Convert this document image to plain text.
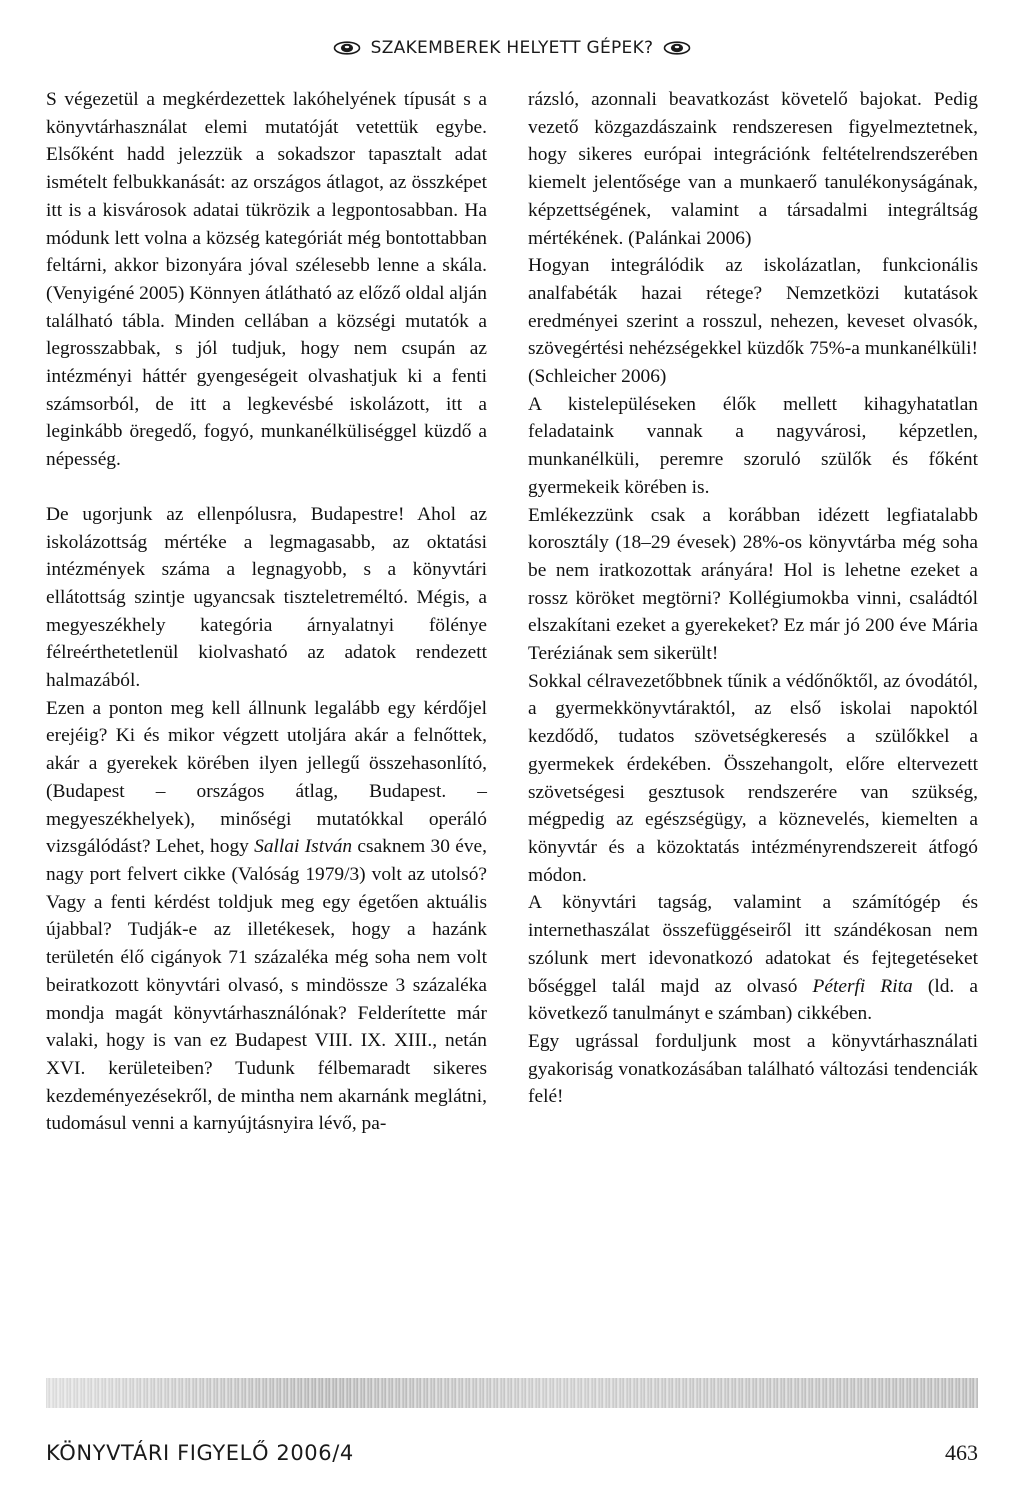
SZAKEMBEREK HELYETT GÉPEK?

S végezetül a megkérdezettek lakóhelyének típusát s a könyvtárhasználat elemi mutatóját vetettük egybe. Elsőként hadd jelezzük a sokadszor tapasztalt adat ismételt felbukkanását: az országos átlagot, az összképet itt is a kisvárosok adatai tükrözik a legpontosabban. Ha módunk lett volna a község kategóriát még bontottabban feltárni, akkor bizonyára jóval szélesebb lenne a skála. (Venyigéné 2005) Könnyen átlátható az előző oldal alján található tábla. Minden cellában a községi mutatók a legrosszabbak, s jól tudjuk, hogy nem csupán az intézményi háttér gyengeségeit olvashatjuk ki a fenti számsorból, de itt a legkevésbé iskolázott, itt a leginkább öregedő, fogyó, munkanélküliséggel küzdő a népesség.

De ugorjunk az ellenpólusra, Budapestre! Ahol az iskolázottság mértéke a legmagasabb, az oktatási intézmények száma a legnagyobb, s a könyvtári ellátottság szintje ugyancsak tiszteletreméltó. Mégis, a megyeszékhely kategória árnyalatnyi fölénye félreérthetetlenül kiolvasható az adatok rendezett halmazából.

Ezen a ponton meg kell állnunk legalább egy kérdőjel erejéig? Ki és mikor végzett utoljára akár a felnőttek, akár a gyerekek körében ilyen jellegű összehasonlító, (Budapest – országos átlag, Budapest. – megyeszékhelyek), minőségi mutatókkal operáló vizsgálódást? Lehet, hogy Sallai István csaknem 30 éve, nagy port felvert cikke (Valóság 1979/3) volt az utolsó? Vagy a fenti kérdést toldjuk meg egy égetően aktuális újabbal? Tudják-e az illetékesek, hogy a hazánk területén élő cigányok 71 százaléka még soha nem volt beiratkozott könyvtári olvasó, s mindössze 3 százaléka mondja magát könyvtárhasználónak? Felderítette már valaki, hogy is van ez Budapest VIII. IX. XIII., netán XVI. kerületeiben? Tudunk félbemaradt sikeres kezdeményezésekről, de mintha nem akarnánk meglátni, tudomásul venni a karnyújtásnyira lévő, pa-

rázsló, azonnali beavatkozást követelő bajokat. Pedig vezető közgazdászaink rendszeresen figyelmeztetnek, hogy sikeres európai integrációnk feltételrendszerében kiemelt jelentősége van a munkaerő tanulékonyságának, képzettségének, valamint a társadalmi integráltság mértékének. (Palánkai 2006)

Hogyan integrálódik az iskolázatlan, funkcionális analfabéták hazai rétege? Nemzetközi kutatások eredményei szerint a rosszul, nehezen, keveset olvasók, szövegértési nehézségekkel küzdők 75%-a munkanélküli! (Schleicher 2006)

A kistelepüléseken élők mellett kihagyhatatlan feladataink vannak a nagyvárosi, képzetlen, munkanélküli, peremre szoruló szülők és főként gyermekeik körében is.

Emlékezzünk csak a korábban idézett legfiatalabb korosztály (18–29 évesek) 28%-os könyvtárba még soha be nem iratkozottak arányára! Hol is lehetne ezeket a rossz köröket megtörni? Kollégiumokba vinni, családtól elszakítani ezeket a gyerekeket? Ez már jó 200 éve Mária Teréziának sem sikerült!

Sokkal célravezetőbbnek tűnik a védőnőktől, az óvodától, a gyermekkönyvtáraktól, az első iskolai napoktól kezdődő, tudatos szövetségkeresés a szülőkkel a gyermekek érdekében. Összehangolt, előre eltervezett szövetségesi gesztusok rendszerére van szükség, mégpedig az egészségügy, a köznevelés, kiemelten a könyvtár és a közoktatás intézményrendszereit átfogó módon.

A könyvtári tagság, valamint a számítógép és internethaszálat összefüggéseiről itt szándékosan nem szólunk mert idevonatkozó adatokat és fejtegetéseket bőséggel talál majd az olvasó Péterfi Rita (ld. a következő tanulmányt e számban) cikkében.

Egy ugrással forduljunk most a könyvtárhasználati gyakoriság vonatkozásában található változási tendenciák felé!

KÖNYVTÁRI FIGYELŐ 2006/4	463
